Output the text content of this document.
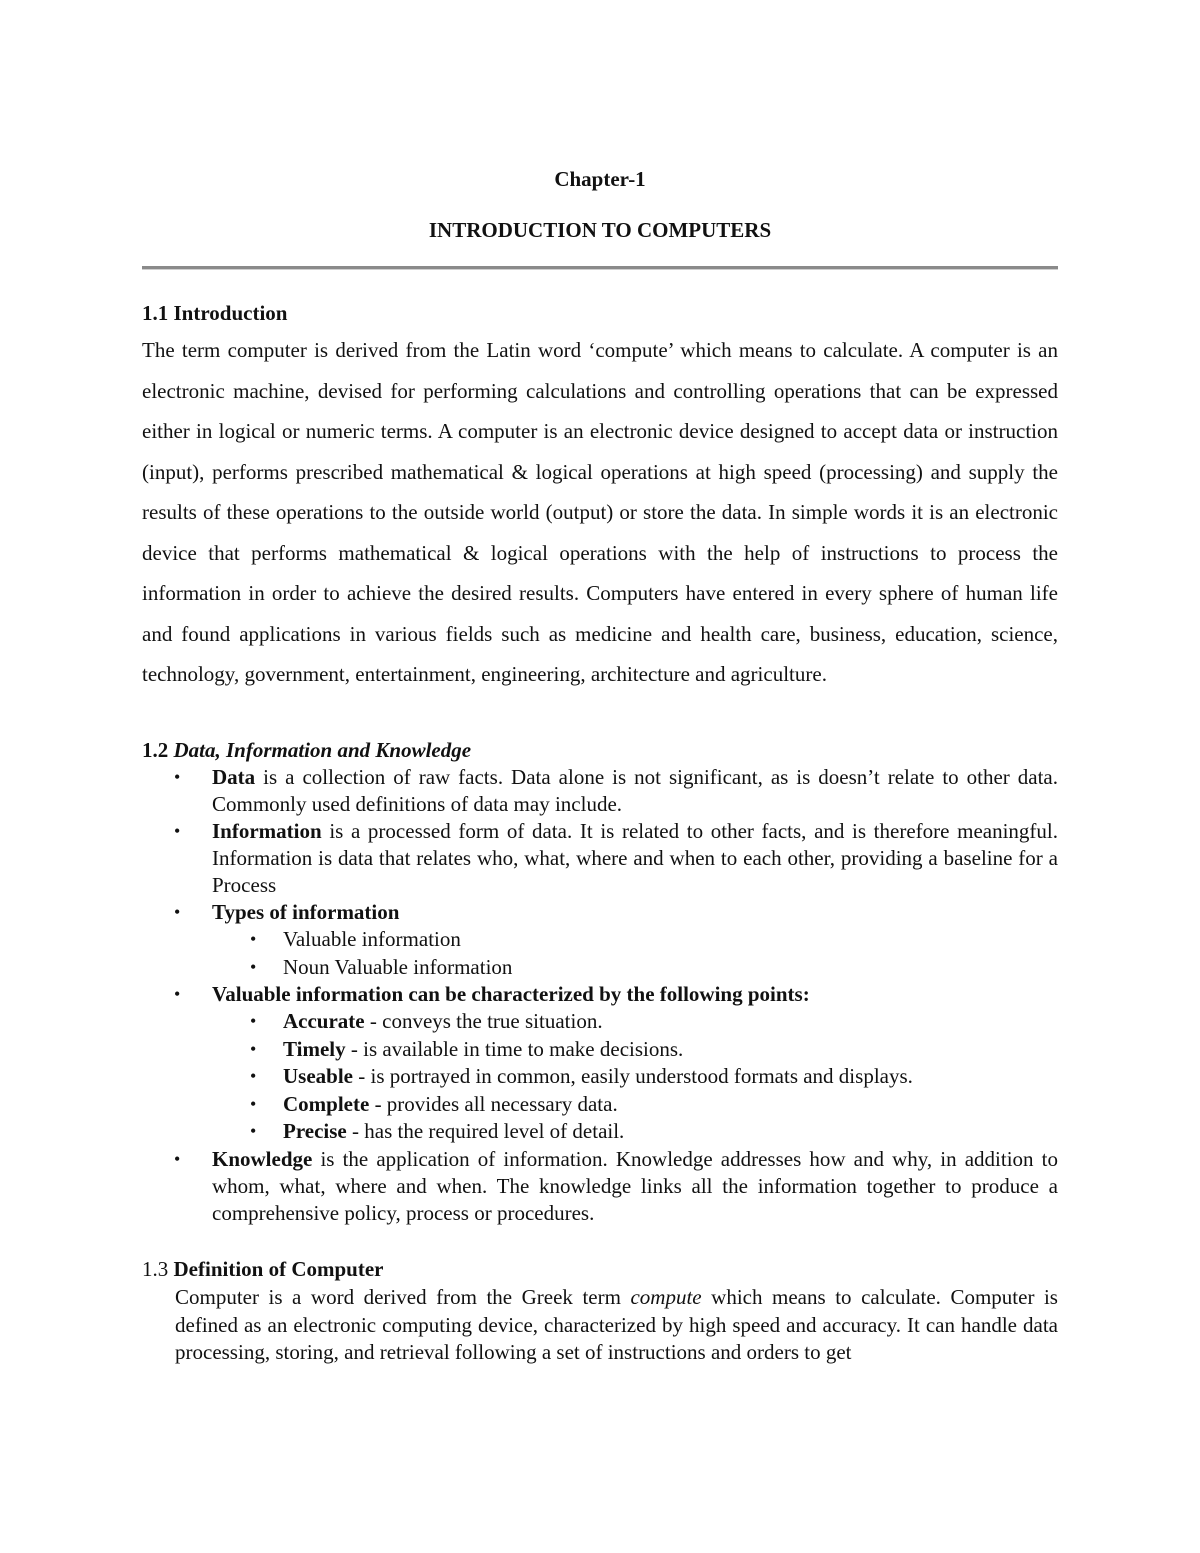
Chapter-1
INTRODUCTION TO COMPUTERS
1.1 Introduction
The term computer is derived from the Latin word ‘compute’ which means to calculate. A computer is an electronic machine, devised for performing calculations and controlling operations that can be expressed either in logical or numeric terms. A computer is an electronic device designed to accept data or instruction (input), performs prescribed mathematical & logical operations at high speed (processing) and supply the results of these operations to the outside world (output) or store the data. In simple words it is an electronic device that performs mathematical & logical operations with the help of instructions to process the information in order to achieve the desired results. Computers have entered in every sphere of human life and found applications in various fields such as medicine and health care, business, education, science, technology, government, entertainment, engineering, architecture and agriculture.
1.2 Data, Information and Knowledge
• Data is a collection of raw facts. Data alone is not significant, as is doesn’t relate to other data. Commonly used definitions of data may include.
• Information is a processed form of data. It is related to other facts, and is therefore meaningful. Information is data that relates who, what, where and when to each other, providing a baseline for a Process
• Types of information
• Valuable information
• Noun Valuable information
• Valuable information can be characterized by the following points:
• Accurate - conveys the true situation.
• Timely - is available in time to make decisions.
• Useable - is portrayed in common, easily understood formats and displays.
• Complete - provides all necessary data.
• Precise - has the required level of detail.
• Knowledge is the application of information. Knowledge addresses how and why, in addition to whom, what, where and when. The knowledge links all the information together to produce a comprehensive policy, process or procedures.
1.3 Definition of Computer
Computer is a word derived from the Greek term compute which means to calculate. Computer is defined as an electronic computing device, characterized by high speed and accuracy. It can handle data processing, storing, and retrieval following a set of instructions and orders to get
